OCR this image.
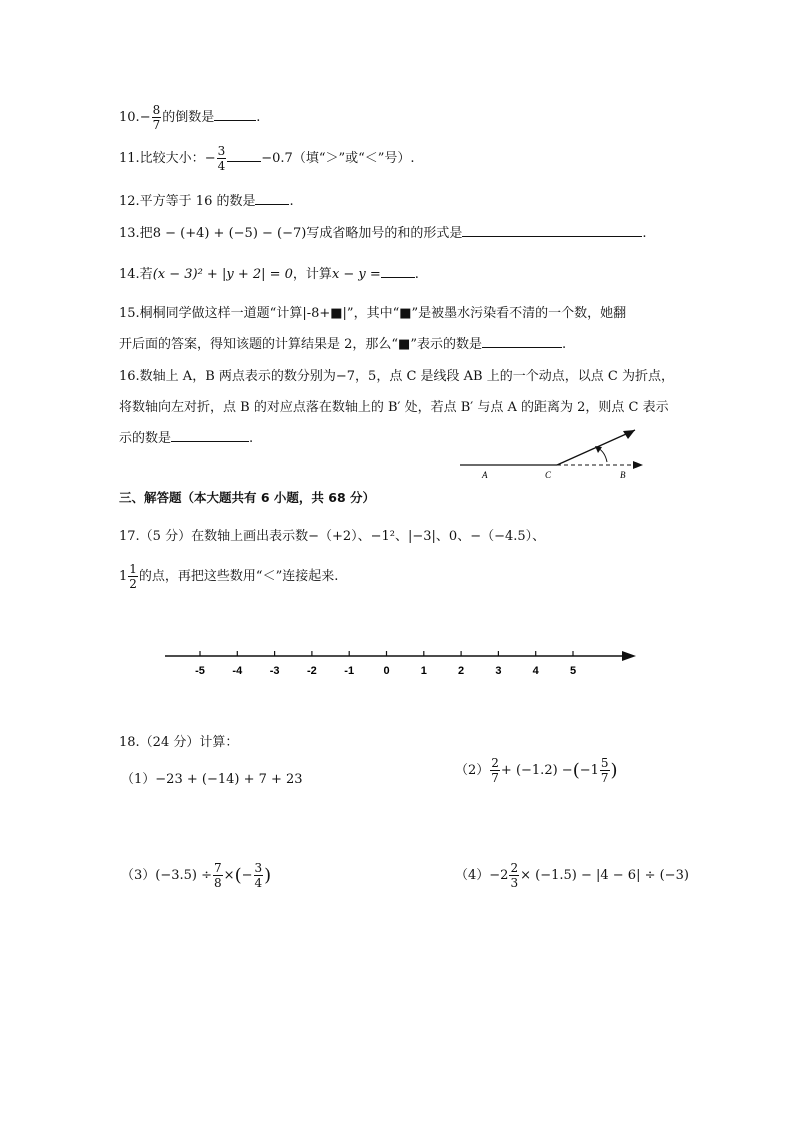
$10.- \frac{8}{7}$ 的倒数是	.
11.比较大小：− $\frac{3}{4}$	−0.7（填“＞”或“＜”号）.
12.平方等于 16 的数是	.
13.把8 − (+4) + (−5) − (−7)写成省略加号的和的形式是	.
14.若(x − 3)² + |y + 2| = 0，计算x − y =	.
15.桐桐同学做这样一道题“计算|-8+■|”，其中“■”是被墨水污染看不清的一个数，她翻
开后面的答案，得知该题的计算结果是 2，那么“■”表示的数是	.
16.数轴上 A，B 两点表示的数分别为−7，5，点 C 是线段 AB 上的一个动点，以点 C 为折点，
将数轴向左对折，点 B 的对应点落在数轴上的 B′ 处，若点 B′ 与点 A 的距离为 2，则点 C 表示
示的数是	.
A	C	B
三、解答题（本大题共有 6 小题，共 68 分）
17.（5 分）在数轴上画出表示数−（+2）、−1²、|−3|、0、−（−4.5）、
$1 \frac{1}{2}$ 的点，再把这些数用“＜”连接起来.
-5	-4	-3	-2	-1	0	1	2	3	4	5
18.（24 分）计算：
（1）−23 + (−14) + 7 + 23
$(2) \frac{2}{7} + (-1.2) -(-1 \frac{5}{7}$ )
$(3)(-3.5) \div \frac{7}{8}$ ×(− $\frac{3}{4}$ )	$(4)-2 \frac{2}{3} \times (-1.5) - |4 - 6| \div (-3)$
